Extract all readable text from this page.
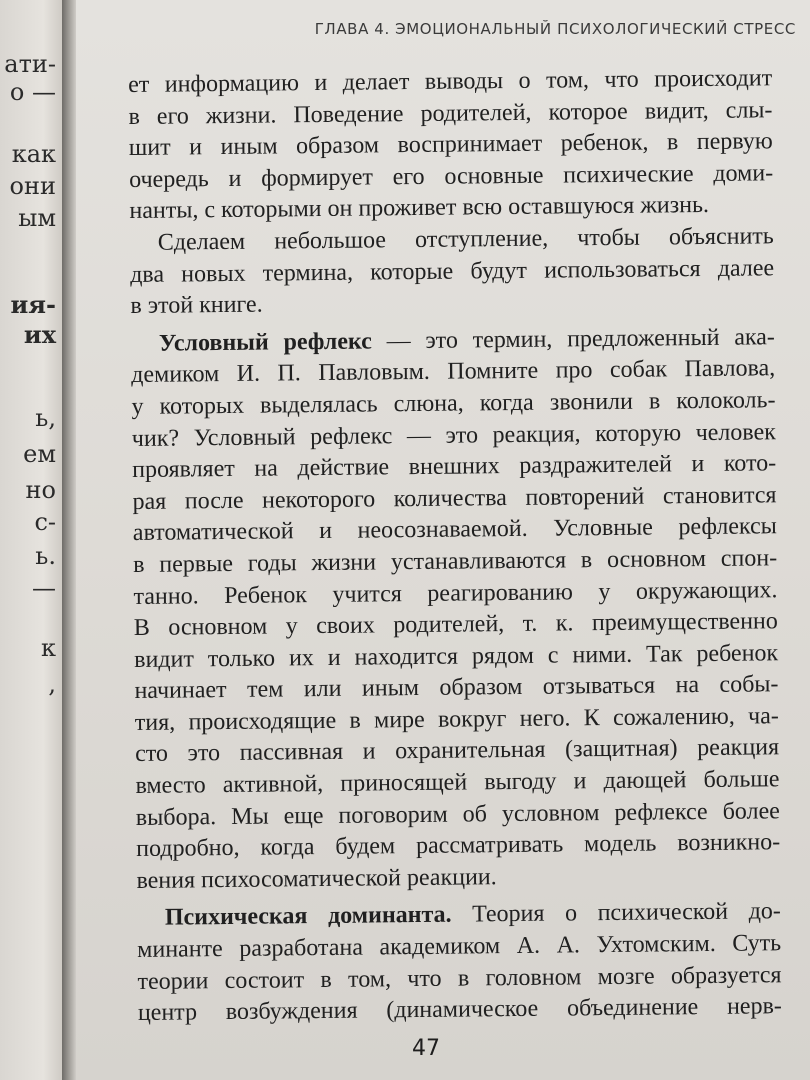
ати-
о —
как
они
ым
ия-
их
ь,
ем
но
с-
ь.
—
к
,
ГЛАВА 4. ЭМОЦИОНАЛЬНЫЙ ПСИХОЛОГИЧЕСКИЙ СТРЕСС
ет информацию и делает выводы о том, что происходит
в его жизни. Поведение родителей, которое видит, слы-
шит и иным образом воспринимает ребенок, в первую
очередь и формирует его основные психические доми-
нанты, с которыми он проживет всю оставшуюся жизнь.
Сделаем небольшое отступление, чтобы объяснить
два новых термина, которые будут использоваться далее
в этой книге.
Условный рефлекс — это термин, предложенный ака-
демиком И. П. Павловым. Помните про собак Павлова,
у которых выделялась слюна, когда звонили в колоколь-
чик? Условный рефлекс — это реакция, которую человек
проявляет на действие внешних раздражителей и кото-
рая после некоторого количества повторений становится
автоматической и неосознаваемой. Условные рефлексы
в первые годы жизни устанавливаются в основном спон-
танно. Ребенок учится реагированию у окружающих.
В основном у своих родителей, т. к. преимущественно
видит только их и находится рядом с ними. Так ребенок
начинает тем или иным образом отзываться на собы-
тия, происходящие в мире вокруг него. К сожалению, ча-
сто это пассивная и охранительная (защитная) реакция
вместо активной, приносящей выгоду и дающей больше
выбора. Мы еще поговорим об условном рефлексе более
подробно, когда будем рассматривать модель возникно-
вения психосоматической реакции.
Психическая доминанта. Теория о психической до-
минанте разработана академиком А. А. Ухтомским. Суть
теории состоит в том, что в головном мозге образуется
центр возбуждения (динамическое объединение нерв-
47
